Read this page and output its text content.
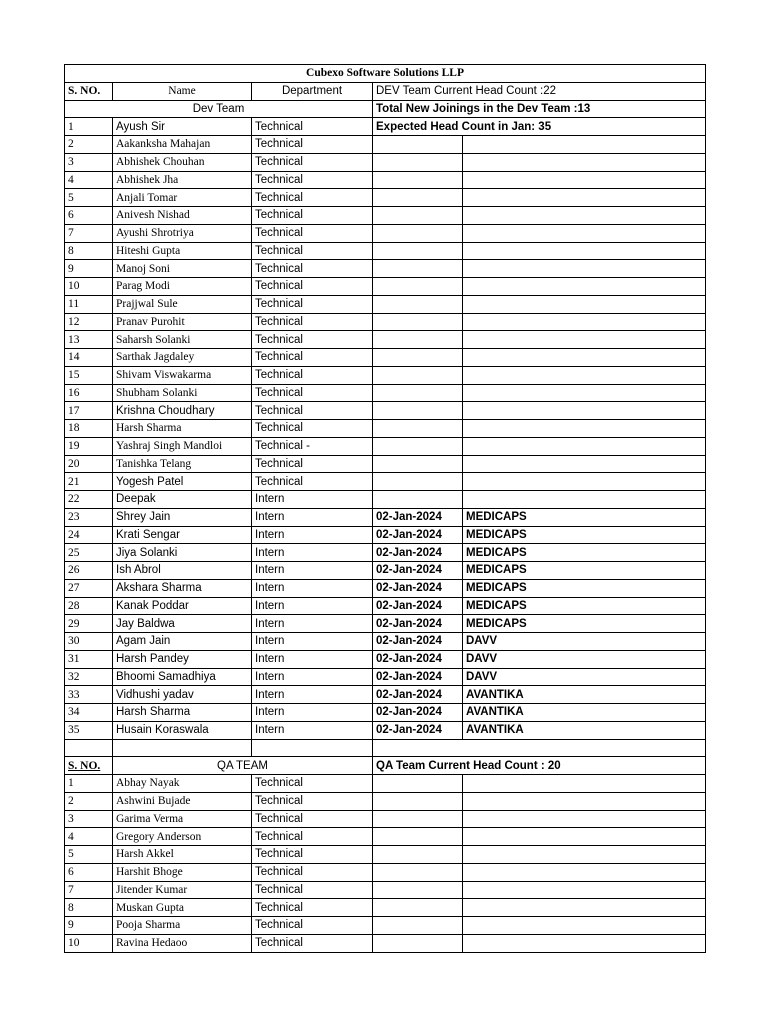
Cubexo Software Solutions LLP				
S. NO.	Name	Department	DEV Team Current Head Count :22	
Dev Team			Total New Joinings in the Dev Team :13	
1	Ayush Sir	Technical	Expected Head Count in Jan: 35	
2	Aakanksha Mahajan	Technical		
3	Abhishek Chouhan	Technical		
4	Abhishek Jha	Technical		
5	Anjali Tomar	Technical		
6	Anivesh Nishad	Technical		
7	Ayushi Shrotriya	Technical		
8	Hiteshi Gupta	Technical		
9	Manoj Soni	Technical		
10	Parag Modi	Technical		
11	Prajjwal Sule	Technical		
12	Pranav Purohit	Technical		
13	Saharsh Solanki	Technical		
14	Sarthak Jagdaley	Technical		
15	Shivam Viswakarma	Technical		
16	Shubham Solanki	Technical		
17	Krishna Choudhary	Technical		
18	Harsh Sharma	Technical		
19	Yashraj Singh Mandloi	Technical -		
20	Tanishka Telang	Technical		
21	Yogesh Patel	Technical		
22	Deepak	Intern		
23	Shrey Jain	Intern	02-Jan-2024	MEDICAPS
24	Krati Sengar	Intern	02-Jan-2024	MEDICAPS
25	Jiya Solanki	Intern	02-Jan-2024	MEDICAPS
26	Ish Abrol	Intern	02-Jan-2024	MEDICAPS
27	Akshara Sharma	Intern	02-Jan-2024	MEDICAPS
28	Kanak Poddar	Intern	02-Jan-2024	MEDICAPS
29	Jay Baldwa	Intern	02-Jan-2024	MEDICAPS
30	Agam Jain	Intern	02-Jan-2024	DAVV
31	Harsh Pandey	Intern	02-Jan-2024	DAVV
32	Bhoomi Samadhiya	Intern	02-Jan-2024	DAVV
33	Vidhushi yadav	Intern	02-Jan-2024	AVANTIKA
34	Harsh Sharma	Intern	02-Jan-2024	AVANTIKA
35	Husain Koraswala	Intern	02-Jan-2024	AVANTIKA

S. NO.	QA TEAM		QA Team Current Head Count : 20	
1	Abhay Nayak	Technical		
2	Ashwini Bujade	Technical		
3	Garima Verma	Technical		
4	Gregory Anderson	Technical		
5	Harsh Akkel	Technical		
6	Harshit Bhoge	Technical		
7	Jitender Kumar	Technical		
8	Muskan Gupta	Technical		
9	Pooja Sharma	Technical		
10	Ravina Hedaoo	Technical		
